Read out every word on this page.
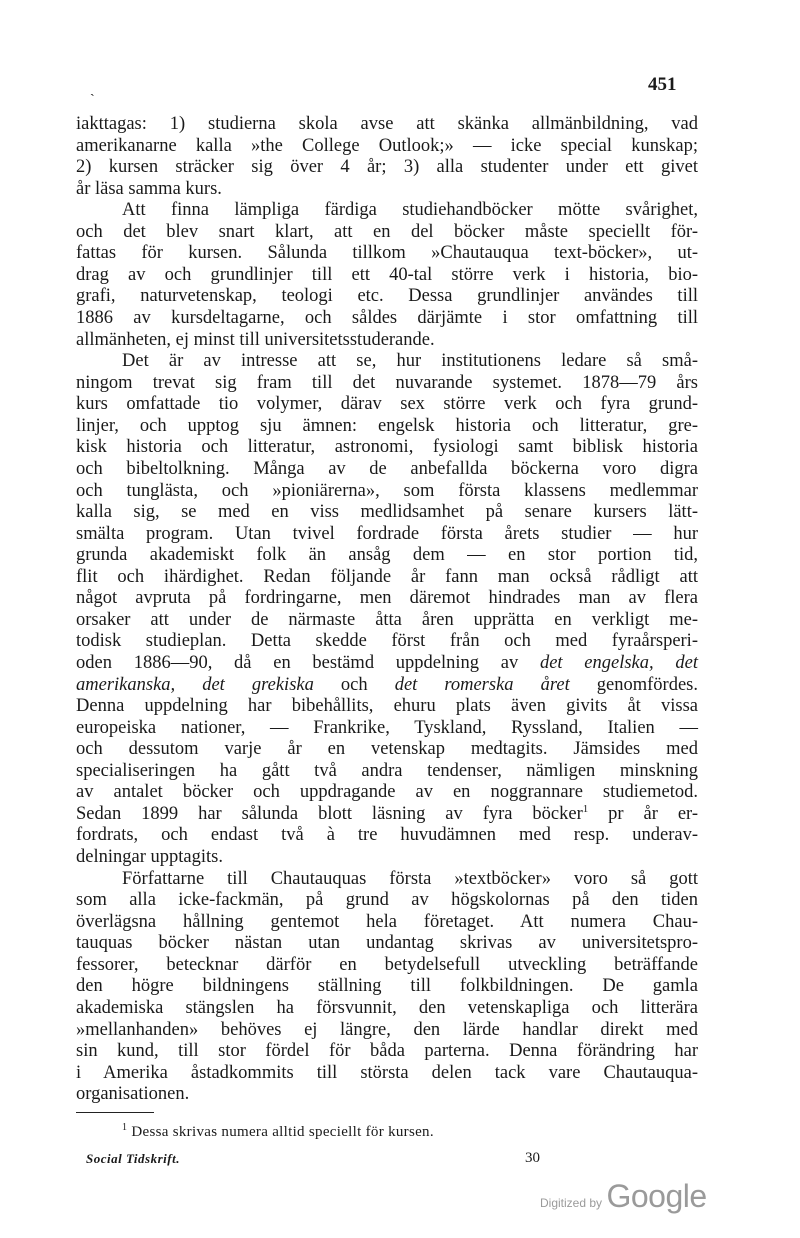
ˏ	451
iakttagas: 1) studierna skola avse att skänka allmänbildning, vad
amerikanarne kalla »the College Outlook;» — icke special kunskap;
2) kursen sträcker sig över 4 år; 3) alla studenter under ett givet
år läsa samma kurs.
Att finna lämpliga färdiga studiehandböcker mötte svårighet,
och det blev snart klart, att en del böcker måste speciellt för-
fattas för kursen. Sålunda tillkom »Chautauqua text-böcker», ut-
drag av och grundlinjer till ett 40-tal större verk i historia, bio-
grafi, naturvetenskap, teologi etc. Dessa grundlinjer användes till
1886 av kursdeltagarne, och såldes därjämte i stor omfattning till
allmänheten, ej minst till universitetsstuderande.
Det är av intresse att se, hur institutionens ledare så små-
ningom trevat sig fram till det nuvarande systemet. 1878—79 års
kurs omfattade tio volymer, därav sex större verk och fyra grund-
linjer, och upptog sju ämnen: engelsk historia och litteratur, gre-
kisk historia och litteratur, astronomi, fysiologi samt biblisk historia
och bibeltolkning. Många av de anbefallda böckerna voro digra
och tunglästa, och »pioniärerna», som första klassens medlemmar
kalla sig, se med en viss medlidsamhet på senare kursers lätt-
smälta program. Utan tvivel fordrade första årets studier — hur
grunda akademiskt folk än ansåg dem — en stor portion tid,
flit och ihärdighet. Redan följande år fann man också rådligt att
något avpruta på fordringarne, men däremot hindrades man av flera
orsaker att under de närmaste åtta åren upprätta en verkligt me-
todisk studieplan. Detta skedde först från och med fyraårsperi-
oden 1886—90, då en bestämd uppdelning av det engelska, det
amerikanska, det grekiska och det romerska året genomfördes.
Denna uppdelning har bibehållits, ehuru plats även givits åt vissa
europeiska nationer, — Frankrike, Tyskland, Ryssland, Italien —
och dessutom varje år en vetenskap medtagits. Jämsides med
specialiseringen ha gått två andra tendenser, nämligen minskning
av antalet böcker och uppdragande av en noggrannare studiemetod.
Sedan 1899 har sålunda blott läsning av fyra böcker$^1$ pr år er-
fordrats, och endast två à tre huvudämnen med resp. underav-
delningar upptagits.
Författarne till Chautauquas första »textböcker» voro så gott
som alla icke-fackmän, på grund av högskolornas på den tiden
överlägsna hållning gentemot hela företaget. Att numera Chau-
tauquas böcker nästan utan undantag skrivas av universitetspro-
fessorer, betecknar därför en betydelsefull utveckling beträffande
den högre bildningens ställning till folkbildningen. De gamla
akademiska stängslen ha försvunnit, den vetenskapliga och litterära
»mellanhanden» behöves ej längre, den lärde handlar direkt med
sin kund, till stor fördel för båda parterna. Denna förändring har
i Amerika åstadkommits till största delen tack vare Chautauqua-
organisationen.
$^1$ Dessa skrivas numera alltid speciellt för kursen.
Social Tidskrift.	30
Digitized by Google
